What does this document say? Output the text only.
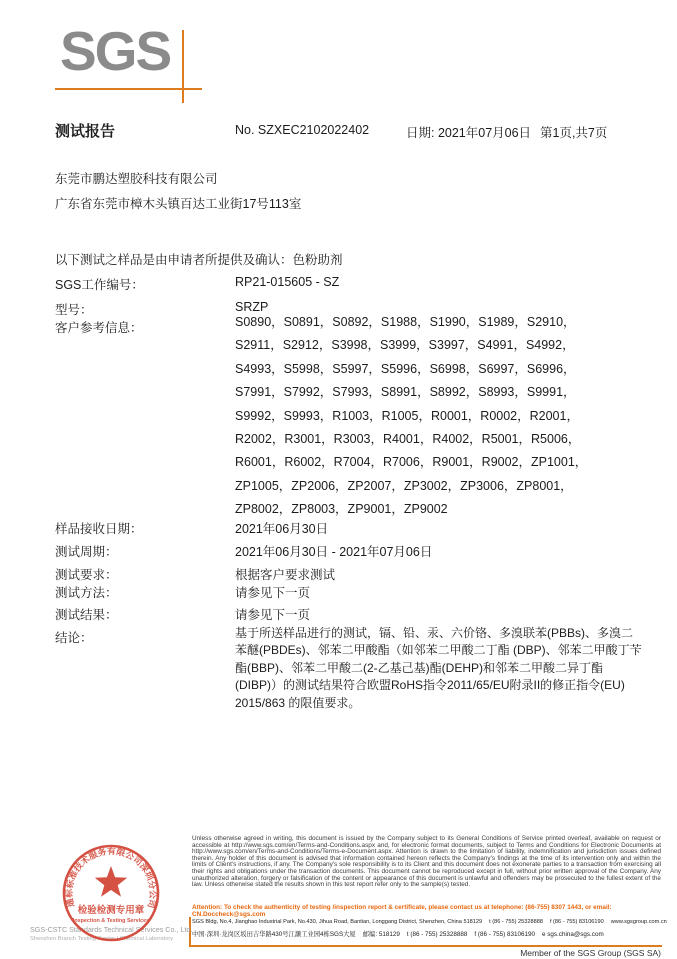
SGS
测试报告	No. SZXEC2102022402	日期: 2021年07月06日 第1页,共7页
东莞市鹏达塑胶科技有限公司
广东省东莞市樟木头镇百达工业街17号113室
以下测试之样品是由申请者所提供及确认：色粉助剂
SGS工作编号：	RP21-015605 - SZ
型号：	SRZP
客户参考信息：	S0890，S0891，S0892，S1988，S1990，S1989，S2910，
S2911，S2912，S3998，S3999，S3997，S4991，S4992，
S4993，S5998，S5997，S5996，S6998，S6997，S6996，
S7991，S7992，S7993，S8991，S8992，S8993，S9991，
S9992，S9993，R1003，R1005，R0001，R0002，R2001，
R2002，R3001，R3003，R4001，R4002，R5001，R5006，
R6001，R6002，R7004，R7006，R9001，R9002，ZP1001，
ZP1005，ZP2006，ZP2007，ZP3002，ZP3006，ZP8001，
ZP8002，ZP8003，ZP9001，ZP9002
样品接收日期：	2021年06月30日
测试周期：	2021年06月30日 - 2021年07月06日
测试要求：	根据客户要求测试
测试方法：	请参见下一页
测试结果：	请参见下一页
结论：	基于所送样品进行的测试，镉、铅、汞、六价铬、多溴联苯(PBBs)、多溴二苯醚(PBDEs)、邻苯二甲酸酯（如邻苯二甲酸二丁酯 (DBP)、邻苯二甲酸丁苄酯(BBP)、邻苯二甲酸二(2-乙基己基)酯(DEHP)和邻苯二甲酸二异丁酯(DIBP)）的测试结果符合欧盟RoHS指令2011/65/EU附录II的修正指令(EU) 2015/863 的限值要求。
Unless otherwise agreed in writing, this document is issued by the Company subject to its General Conditions of Service printed overleaf, available on request or accessible at http://www.sgs.com/en/Terms-and-Conditions.aspx and, for electronic format documents, subject to Terms and Conditions for Electronic Documents at http://www.sgs.com/en/Terms-and-Conditions/Terms-e-Document.aspx. Attention is drawn to the limitation of liability, indemnification and jurisdiction issues defined therein. Any holder of this document is advised that information contained hereon reflects the Company's findings at the time of its intervention only and within the limits of Client's instructions, if any. The Company's sole responsibility is to its Client and this document does not exonerate parties to a transaction from exercising all their rights and obligations under the transaction documents. This document cannot be reproduced except in full, without prior written approval of the Company. Any unauthorized alteration, forgery or falsification of the content or appearance of this document is unlawful and offenders may be prosecuted to the fullest extent of the law. Unless otherwise stated the results shown in this test report refer only to the sample(s) tested.
Attention: To check the authenticity of testing /inspection report & certificate, please contact us at telephone: (86-755) 8307 1443, or email: CN.Doccheck@sgs.com
SGS Bldg, No.4, Jianghao Industrial Park, No.430, Jihua Road, Bantian, Longgang District, Shenzhen, China 518129 t (86 - 755) 25328888 f (86 - 755) 83106190 www.sgsgroup.com.cn
中国·深圳·龙岗区坂田吉华路430号江灏工业园4栋SGS大厦 邮编: 518129 t (86 - 755) 25328888 f (86 - 755) 83106190 e sgs.china@sgs.com
Member of the SGS Group (SGS SA)
SGS-CSTC Standards Technical Services Co., Ltd.
Shenzhen Branch Testing Center | Chemical Laboratory
通标标准技术服务有限公司深圳分公司
检验检测专用章
Inspection & Testing Services
